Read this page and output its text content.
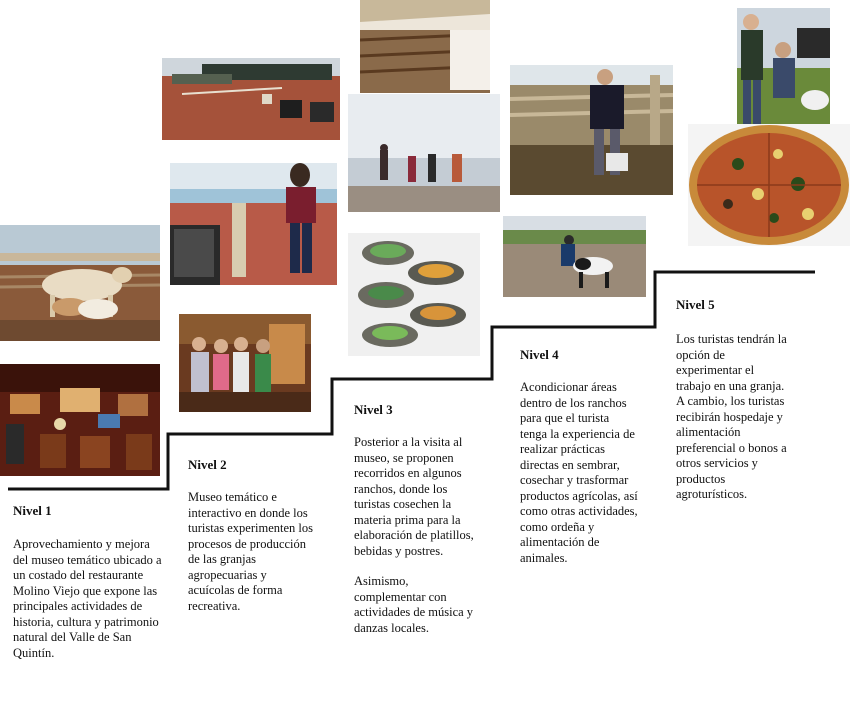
Nivel 1

Aprovechamiento y mejora del museo temático ubicado a un costado del restaurante Molino Viejo que expone las principales actividades de historia, cultura y patrimonio natural del Valle de San Quintín.

Nivel 2

Museo temático e interactivo en donde los turistas experimenten los procesos de producción de las granjas agropecuarias y acuícolas de forma recreativa.

Nivel 3

Posterior a la visita al museo, se proponen recorridos en algunos ranchos, donde los turistas cosechen la materia prima para la elaboración de platillos, bebidas y postres.

Asimismo, complementar con actividades de música y danzas locales.

Nivel 4

Acondicionar áreas dentro de los ranchos para que el turista tenga la experiencia de realizar prácticas directas en sembrar, cosechar y trasformar productos agrícolas, así como otras actividades, como ordeña y alimentación de animales.

Nivel 5

Los turistas tendrán la opción de experimentar el trabajo en una granja. A cambio, los turistas recibirán hospedaje y alimentación preferencial o bonos a otros servicios y productos agroturísticos.
